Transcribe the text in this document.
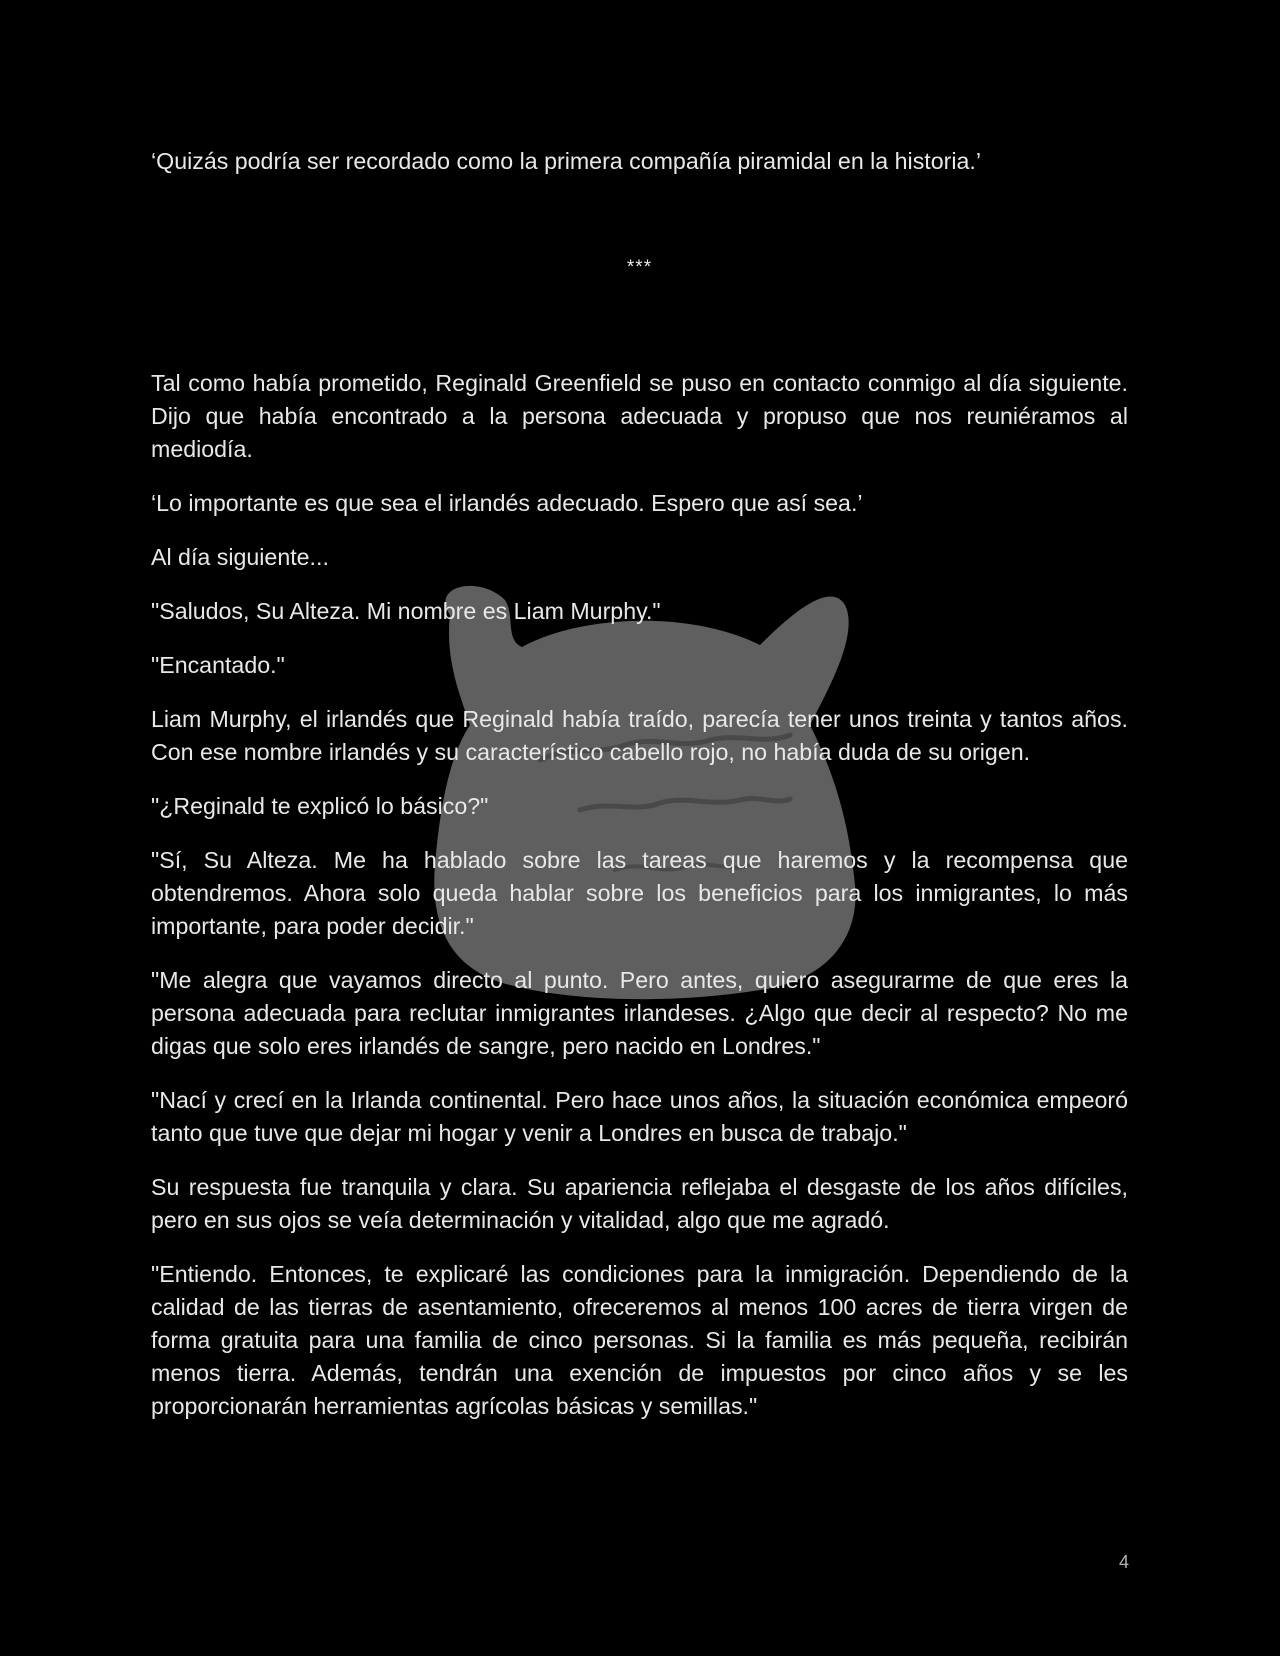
‘Quizás podría ser recordado como la primera compañía piramidal en la historia.’

***

Tal como había prometido, Reginald Greenfield se puso en contacto conmigo al día siguiente. Dijo que había encontrado a la persona adecuada y propuso que nos reuniéramos al mediodía.

‘Lo importante es que sea el irlandés adecuado. Espero que así sea.’

Al día siguiente...

"Saludos, Su Alteza. Mi nombre es Liam Murphy."

"Encantado."

Liam Murphy, el irlandés que Reginald había traído, parecía tener unos treinta y tantos años. Con ese nombre irlandés y su característico cabello rojo, no había duda de su origen.

"¿Reginald te explicó lo básico?"

"Sí, Su Alteza. Me ha hablado sobre las tareas que haremos y la recompensa que obtendremos. Ahora solo queda hablar sobre los beneficios para los inmigrantes, lo más importante, para poder decidir."

"Me alegra que vayamos directo al punto. Pero antes, quiero asegurarme de que eres la persona adecuada para reclutar inmigrantes irlandeses. ¿Algo que decir al respecto? No me digas que solo eres irlandés de sangre, pero nacido en Londres."

"Nací y crecí en la Irlanda continental. Pero hace unos años, la situación económica empeoró tanto que tuve que dejar mi hogar y venir a Londres en busca de trabajo."

Su respuesta fue tranquila y clara. Su apariencia reflejaba el desgaste de los años difíciles, pero en sus ojos se veía determinación y vitalidad, algo que me agradó.

"Entiendo. Entonces, te explicaré las condiciones para la inmigración. Dependiendo de la calidad de las tierras de asentamiento, ofreceremos al menos 100 acres de tierra virgen de forma gratuita para una familia de cinco personas. Si la familia es más pequeña, recibirán menos tierra. Además, tendrán una exención de impuestos por cinco años y se les proporcionarán herramientas agrícolas básicas y semillas."

4
